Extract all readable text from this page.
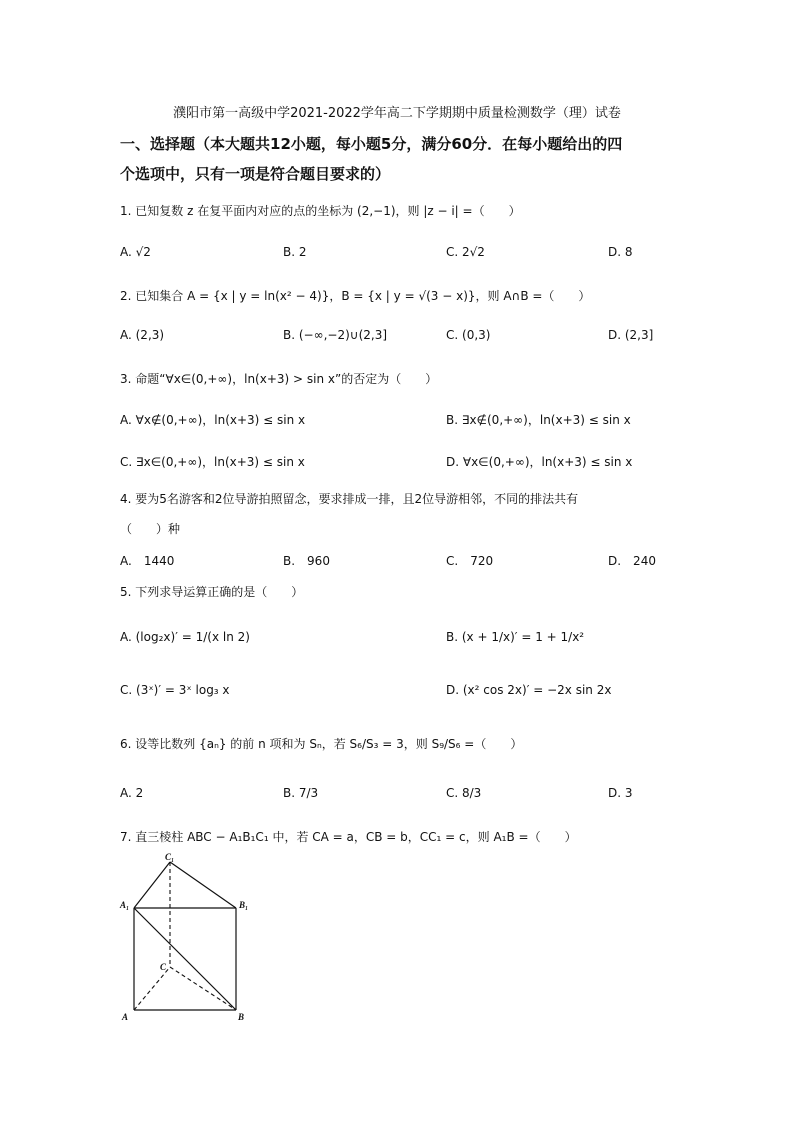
濮阳市第一高级中学2021-2022学年高二下学期期中质量检测数学（理）试卷
一、选择题（本大题共12小题，每小题5分，满分60分．在每小题给出的四
个选项中，只有一项是符合题目要求的）
1. 已知复数 z 在复平面内对应的点的坐标为 (2,−1)，则 |z − i| =（　　）
A. √2	B. 2	C. 2√2	D. 8
2. 已知集合 A = {x | y = ln(x² − 4)}，B = {x | y = √(3 − x)}，则 A∩B =（　　）
A. (2,3)	B. (−∞,−2)∪(2,3]	C. (0,3)	D. (2,3]
3. 命题“∀x∈(0,+∞)，ln(x+3) > sin x”的否定为（　　）
A. ∀x∉(0,+∞)，ln(x+3) ≤ sin x	B. ∃x∉(0,+∞)，ln(x+3) ≤ sin x
C. ∃x∈(0,+∞)，ln(x+3) ≤ sin x	D. ∀x∈(0,+∞)，ln(x+3) ≤ sin x
4. 要为5名游客和2位导游拍照留念，要求排成一排，且2位导游相邻，不同的排法共有
（　　）种
A.　1440	B.　960	C.　720	D.　240
5. 下列求导运算正确的是（　　）
A. (log₂x)′ = 1/(x ln 2)	B. (x + 1/x)′ = 1 + 1/x²
C. (3ˣ)′ = 3ˣ log₃ x	D. (x² cos 2x)′ = −2x sin 2x
6. 设等比数列 {aₙ} 的前 n 项和为 Sₙ，若 S₆/S₃ = 3，则 S₉/S₆ =（　　）
A. 2	B. 7/3	C. 8/3	D. 3
7. 直三棱柱 ABC − A₁B₁C₁ 中，若 CA = a，CB = b，CC₁ = c，则 A₁B =（　　）
C₁
A₁	B₁
C
A	B
